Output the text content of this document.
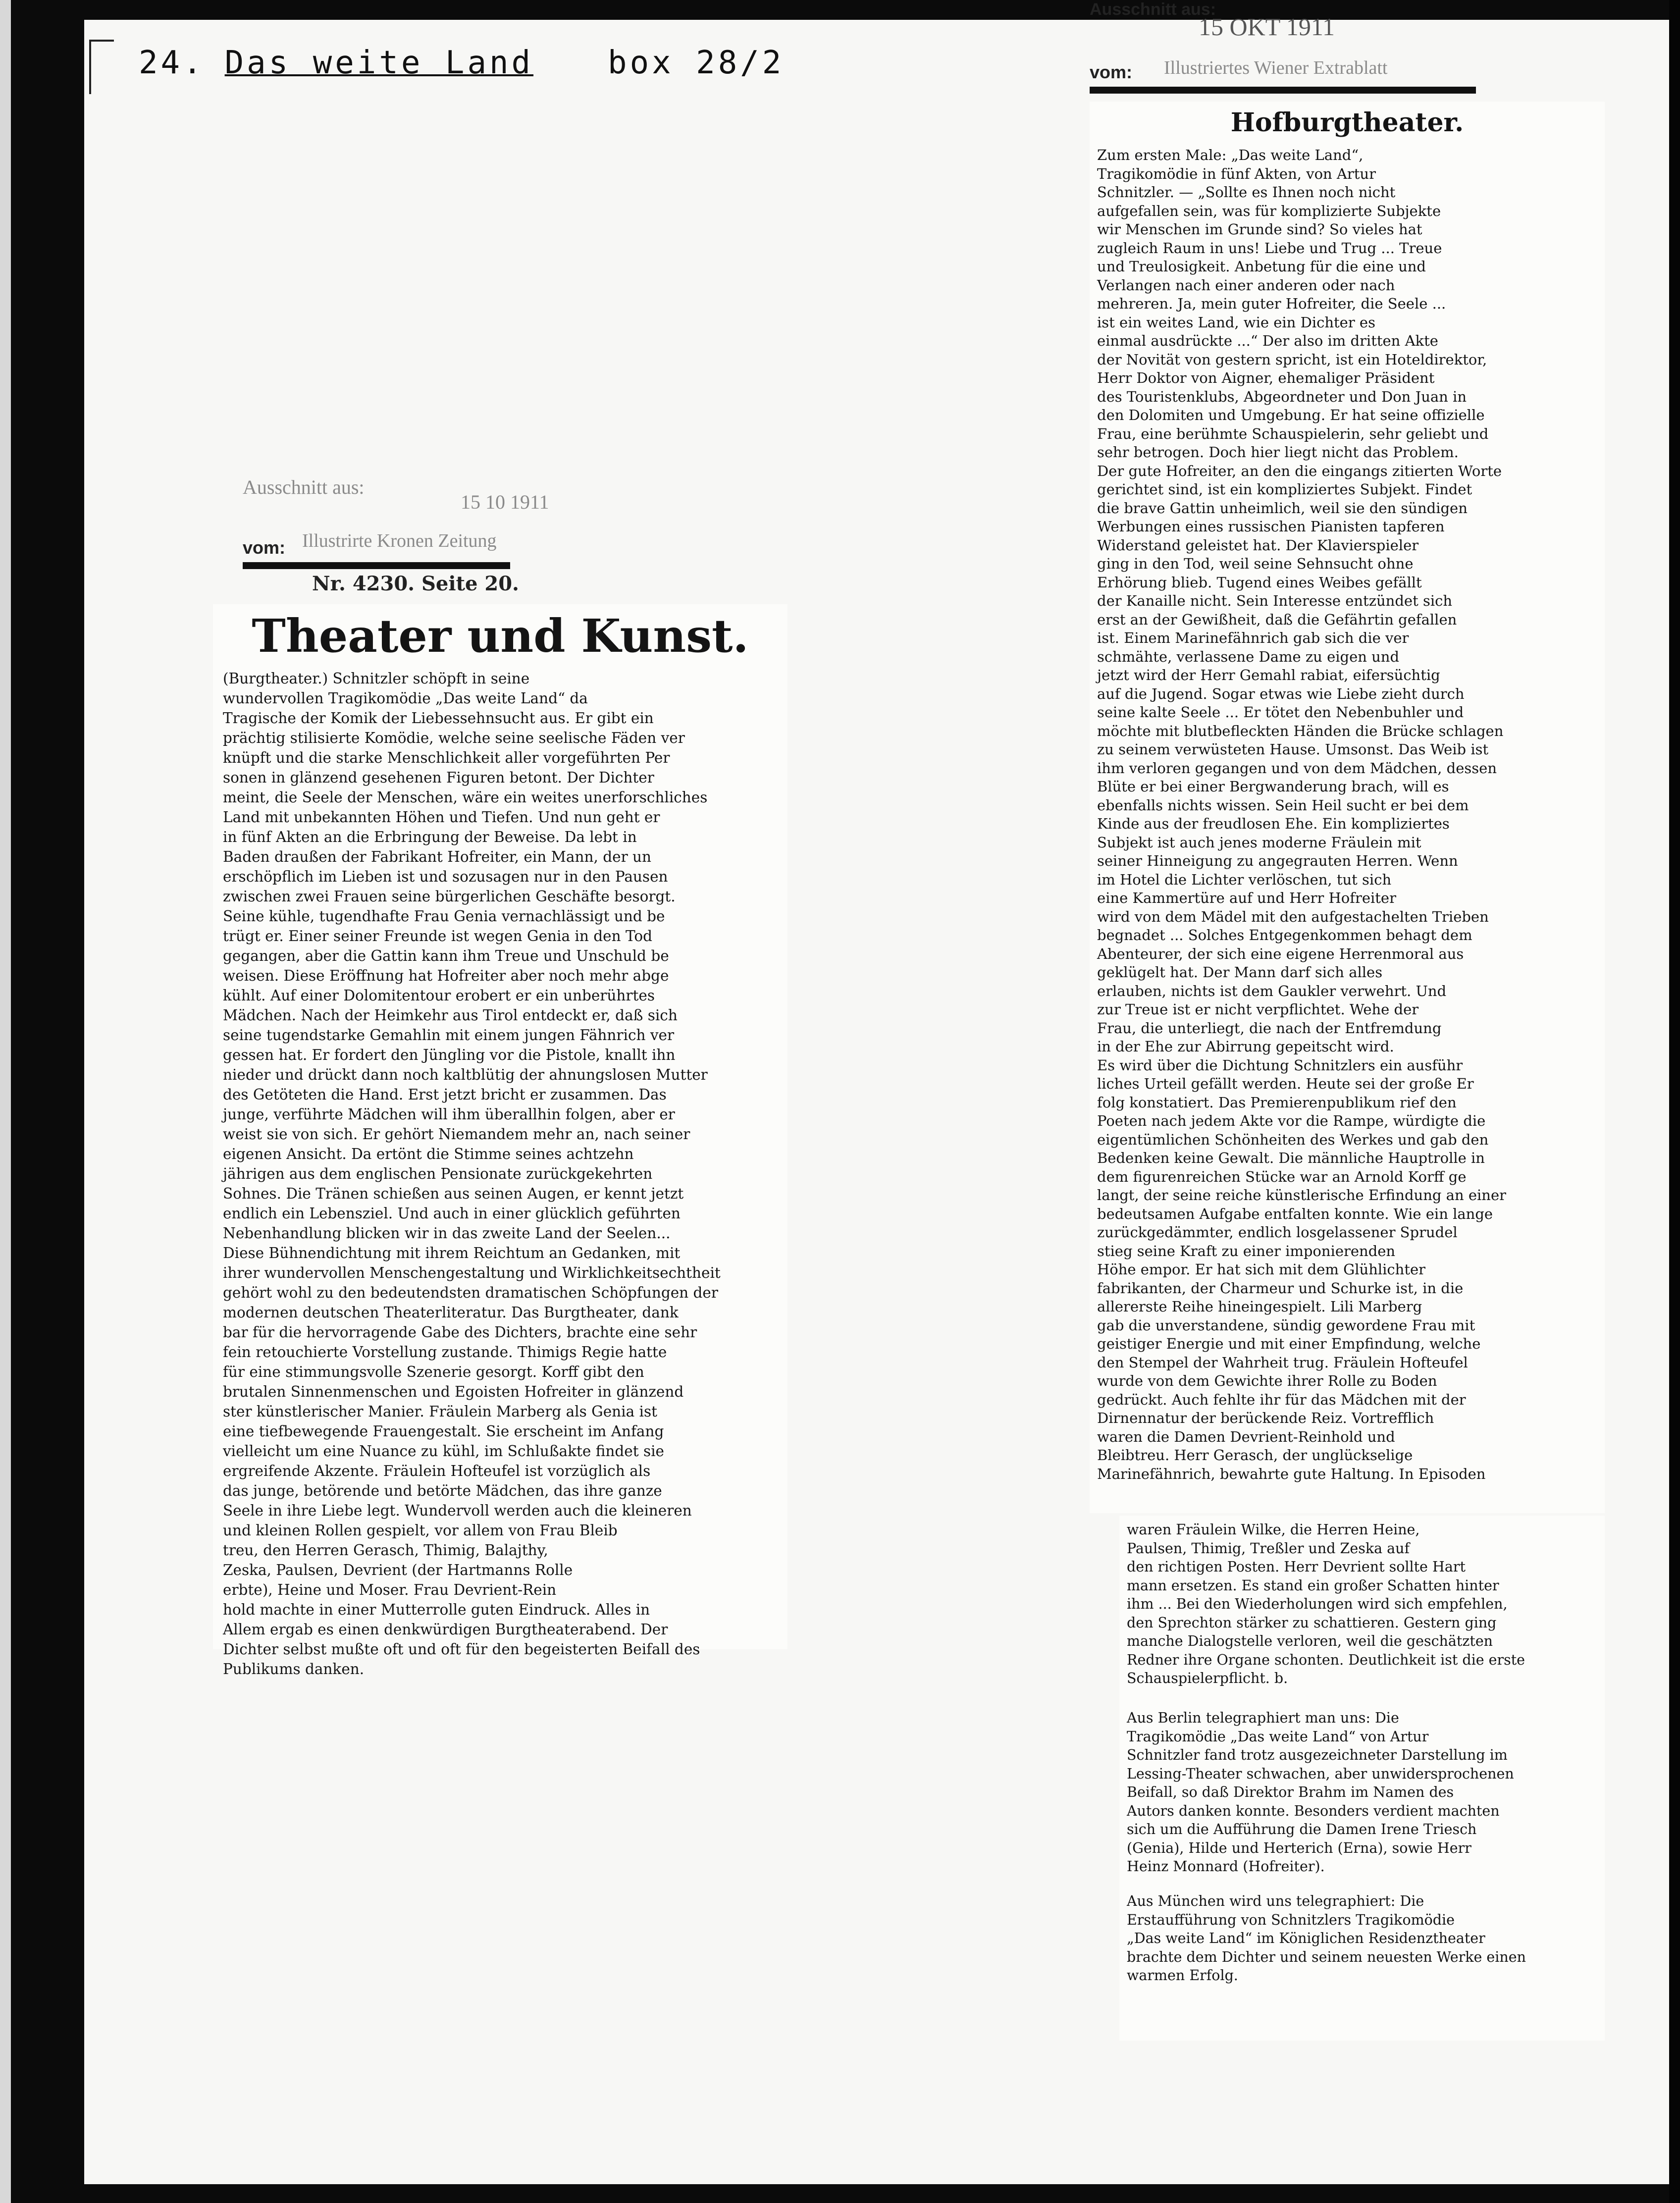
24. Das weite Land box 28/2
Ausschnitt aus:
15 10 1911
vom: Illustrirte Kronen Zeitung
Nr. 4230. Seite 20.
Theater und Kunst.
(Burgtheater.) Schnitzler schöpft in seine
wundervollen Tragikomödie „Das weite Land“ da
Tragische der Komik der Liebessehnsucht aus. Er gibt ein
prächtig stilisierte Komödie, welche seine seelische Fäden ver
knüpft und die starke Menschlichkeit aller vorgeführten Per
sonen in glänzend gesehenen Figuren betont. Der Dichter
meint, die Seele der Menschen, wäre ein weites unerforschliches
Land mit unbekannten Höhen und Tiefen. Und nun geht er
in fünf Akten an die Erbringung der Beweise. Da lebt in
Baden draußen der Fabrikant Hofreiter, ein Mann, der un
erschöpflich im Lieben ist und sozusagen nur in den Pausen
zwischen zwei Frauen seine bürgerlichen Geschäfte besorgt.
Seine kühle, tugendhafte Frau Genia vernachlässigt und be
trügt er. Einer seiner Freunde ist wegen Genia in den Tod
gegangen, aber die Gattin kann ihm Treue und Unschuld be
weisen. Diese Eröffnung hat Hofreiter aber noch mehr abge
kühlt. Auf einer Dolomitentour erobert er ein unberührtes
Mädchen. Nach der Heimkehr aus Tirol entdeckt er, daß sich
seine tugendstarke Gemahlin mit einem jungen Fähnrich ver
gessen hat. Er fordert den Jüngling vor die Pistole, knallt ihn
nieder und drückt dann noch kaltblütig der ahnungslosen Mutter
des Getöteten die Hand. Erst jetzt bricht er zusammen. Das
junge, verführte Mädchen will ihm überallhin folgen, aber er
weist sie von sich. Er gehört Niemandem mehr an, nach seiner
eigenen Ansicht. Da ertönt die Stimme seines achtzehn
jährigen aus dem englischen Pensionate zurückgekehrten
Sohnes. Die Tränen schießen aus seinen Augen, er kennt jetzt
endlich ein Lebensziel. Und auch in einer glücklich geführten
Nebenhandlung blicken wir in das zweite Land der Seelen...
Diese Bühnendichtung mit ihrem Reichtum an Gedanken, mit
ihrer wundervollen Menschengestaltung und Wirklichkeitsechtheit
gehört wohl zu den bedeutendsten dramatischen Schöpfungen der
modernen deutschen Theaterliteratur. Das Burgtheater, dank
bar für die hervorragende Gabe des Dichters, brachte eine sehr
fein retouchierte Vorstellung zustande. Thimigs Regie hatte
für eine stimmungsvolle Szenerie gesorgt. Korff gibt den
brutalen Sinnenmenschen und Egoisten Hofreiter in glänzend
ster künstlerischer Manier. Fräulein Marberg als Genia ist
eine tiefbewegende Frauengestalt. Sie erscheint im Anfang
vielleicht um eine Nuance zu kühl, im Schlußakte findet sie
ergreifende Akzente. Fräulein Hofteufel ist vorzüglich als
das junge, betörende und betörte Mädchen, das ihre ganze
Seele in ihre Liebe legt. Wundervoll werden auch die kleineren
und kleinen Rollen gespielt, vor allem von Frau Bleib
treu, den Herren Gerasch, Thimig, Balajthy,
Zeska, Paulsen, Devrient (der Hartmanns Rolle
erbte), Heine und Moser. Frau Devrient-Rein
hold machte in einer Mutterrolle guten Eindruck. Alles in
Allem ergab es einen denkwürdigen Burgtheaterabend. Der
Dichter selbst mußte oft und oft für den begeisterten Beifall des
Publikums danken.
Ausschnitt aus:
15 OKT 1911
vom: Illustriertes Wiener Extrablatt
Hofburgtheater.
Zum ersten Male: „Das weite Land“,
Tragikomödie in fünf Akten, von Artur
Schnitzler. — „Sollte es Ihnen noch nicht
aufgefallen sein, was für komplizierte Subjekte
wir Menschen im Grunde sind? So vieles hat
zugleich Raum in uns! Liebe und Trug ... Treue
und Treulosigkeit. Anbetung für die eine und
Verlangen nach einer anderen oder nach
mehreren. Ja, mein guter Hofreiter, die Seele ...
ist ein weites Land, wie ein Dichter es
einmal ausdrückte ...“ Der also im dritten Akte
der Novität von gestern spricht, ist ein Hoteldirektor,
Herr Doktor von Aigner, ehemaliger Präsident
des Touristenklubs, Abgeordneter und Don Juan in
den Dolomiten und Umgebung. Er hat seine offizielle
Frau, eine berühmte Schauspielerin, sehr geliebt und
sehr betrogen. Doch hier liegt nicht das Problem.
Der gute Hofreiter, an den die eingangs zitierten Worte
gerichtet sind, ist ein kompliziertes Subjekt. Findet
die brave Gattin unheimlich, weil sie den sündigen
Werbungen eines russischen Pianisten tapferen
Widerstand geleistet hat. Der Klavierspieler
ging in den Tod, weil seine Sehnsucht ohne
Erhörung blieb. Tugend eines Weibes gefällt
der Kanaille nicht. Sein Interesse entzündet sich
erst an der Gewißheit, daß die Gefährtin gefallen
ist. Einem Marinefähnrich gab sich die ver
schmähte, verlassene Dame zu eigen und
jetzt wird der Herr Gemahl rabiat, eifersüchtig
auf die Jugend. Sogar etwas wie Liebe zieht durch
seine kalte Seele ... Er tötet den Nebenbuhler und
möchte mit blutbefleckten Händen die Brücke schlagen
zu seinem verwüsteten Hause. Umsonst. Das Weib ist
ihm verloren gegangen und von dem Mädchen, dessen
Blüte er bei einer Bergwanderung brach, will es
ebenfalls nichts wissen. Sein Heil sucht er bei dem
Kinde aus der freudlosen Ehe. Ein kompliziertes
Subjekt ist auch jenes moderne Fräulein mit
seiner Hinneigung zu angegrauten Herren. Wenn
im Hotel die Lichter verlöschen, tut sich
eine Kammertüre auf und Herr Hofreiter
wird von dem Mädel mit den aufgestachelten Trieben
begnadet ... Solches Entgegenkommen behagt dem
Abenteurer, der sich eine eigene Herrenmoral aus
geklügelt hat. Der Mann darf sich alles
erlauben, nichts ist dem Gaukler verwehrt. Und
zur Treue ist er nicht verpflichtet. Wehe der
Frau, die unterliegt, die nach der Entfremdung
in der Ehe zur Abirrung gepeitscht wird.
Es wird über die Dichtung Schnitzlers ein ausführ
liches Urteil gefällt werden. Heute sei der große Er
folg konstatiert. Das Premierenpublikum rief den
Poeten nach jedem Akte vor die Rampe, würdigte die
eigentümlichen Schönheiten des Werkes und gab den
Bedenken keine Gewalt. Die männliche Hauptrolle in
dem figurenreichen Stücke war an Arnold Korff ge
langt, der seine reiche künstlerische Erfindung an einer
bedeutsamen Aufgabe entfalten konnte. Wie ein lange
zurückgedämmter, endlich losgelassener Sprudel
stieg seine Kraft zu einer imponierenden
Höhe empor. Er hat sich mit dem Glühlichter
fabrikanten, der Charmeur und Schurke ist, in die
allererste Reihe hineingespielt. Lili Marberg
gab die unverstandene, sündig gewordene Frau mit
geistiger Energie und mit einer Empfindung, welche
den Stempel der Wahrheit trug. Fräulein Hofteufel
wurde von dem Gewichte ihrer Rolle zu Boden
gedrückt. Auch fehlte ihr für das Mädchen mit der
Dirnennatur der berückende Reiz. Vortrefflich
waren die Damen Devrient-Reinhold und
Bleibtreu. Herr Gerasch, der unglückselige
Marinefähnrich, bewahrte gute Haltung. In Episoden
waren Fräulein Wilke, die Herren Heine,
Paulsen, Thimig, Treßler und Zeska auf
den richtigen Posten. Herr Devrient sollte Hart
mann ersetzen. Es stand ein großer Schatten hinter
ihm ... Bei den Wiederholungen wird sich empfehlen,
den Sprechton stärker zu schattieren. Gestern ging
manche Dialogstelle verloren, weil die geschätzten
Redner ihre Organe schonten. Deutlichkeit ist die erste
Schauspielerpflicht. b.
Aus Berlin telegraphiert man uns: Die
Tragikomödie „Das weite Land“ von Artur
Schnitzler fand trotz ausgezeichneter Darstellung im
Lessing-Theater schwachen, aber unwidersprochenen
Beifall, so daß Direktor Brahm im Namen des
Autors danken konnte. Besonders verdient machten
sich um die Aufführung die Damen Irene Triesch
(Genia), Hilde und Herterich (Erna), sowie Herr
Heinz Monnard (Hofreiter).
Aus München wird uns telegraphiert: Die
Erstaufführung von Schnitzlers Tragikomödie
„Das weite Land“ im Königlichen Residenztheater
brachte dem Dichter und seinem neuesten Werke einen
warmen Erfolg.
